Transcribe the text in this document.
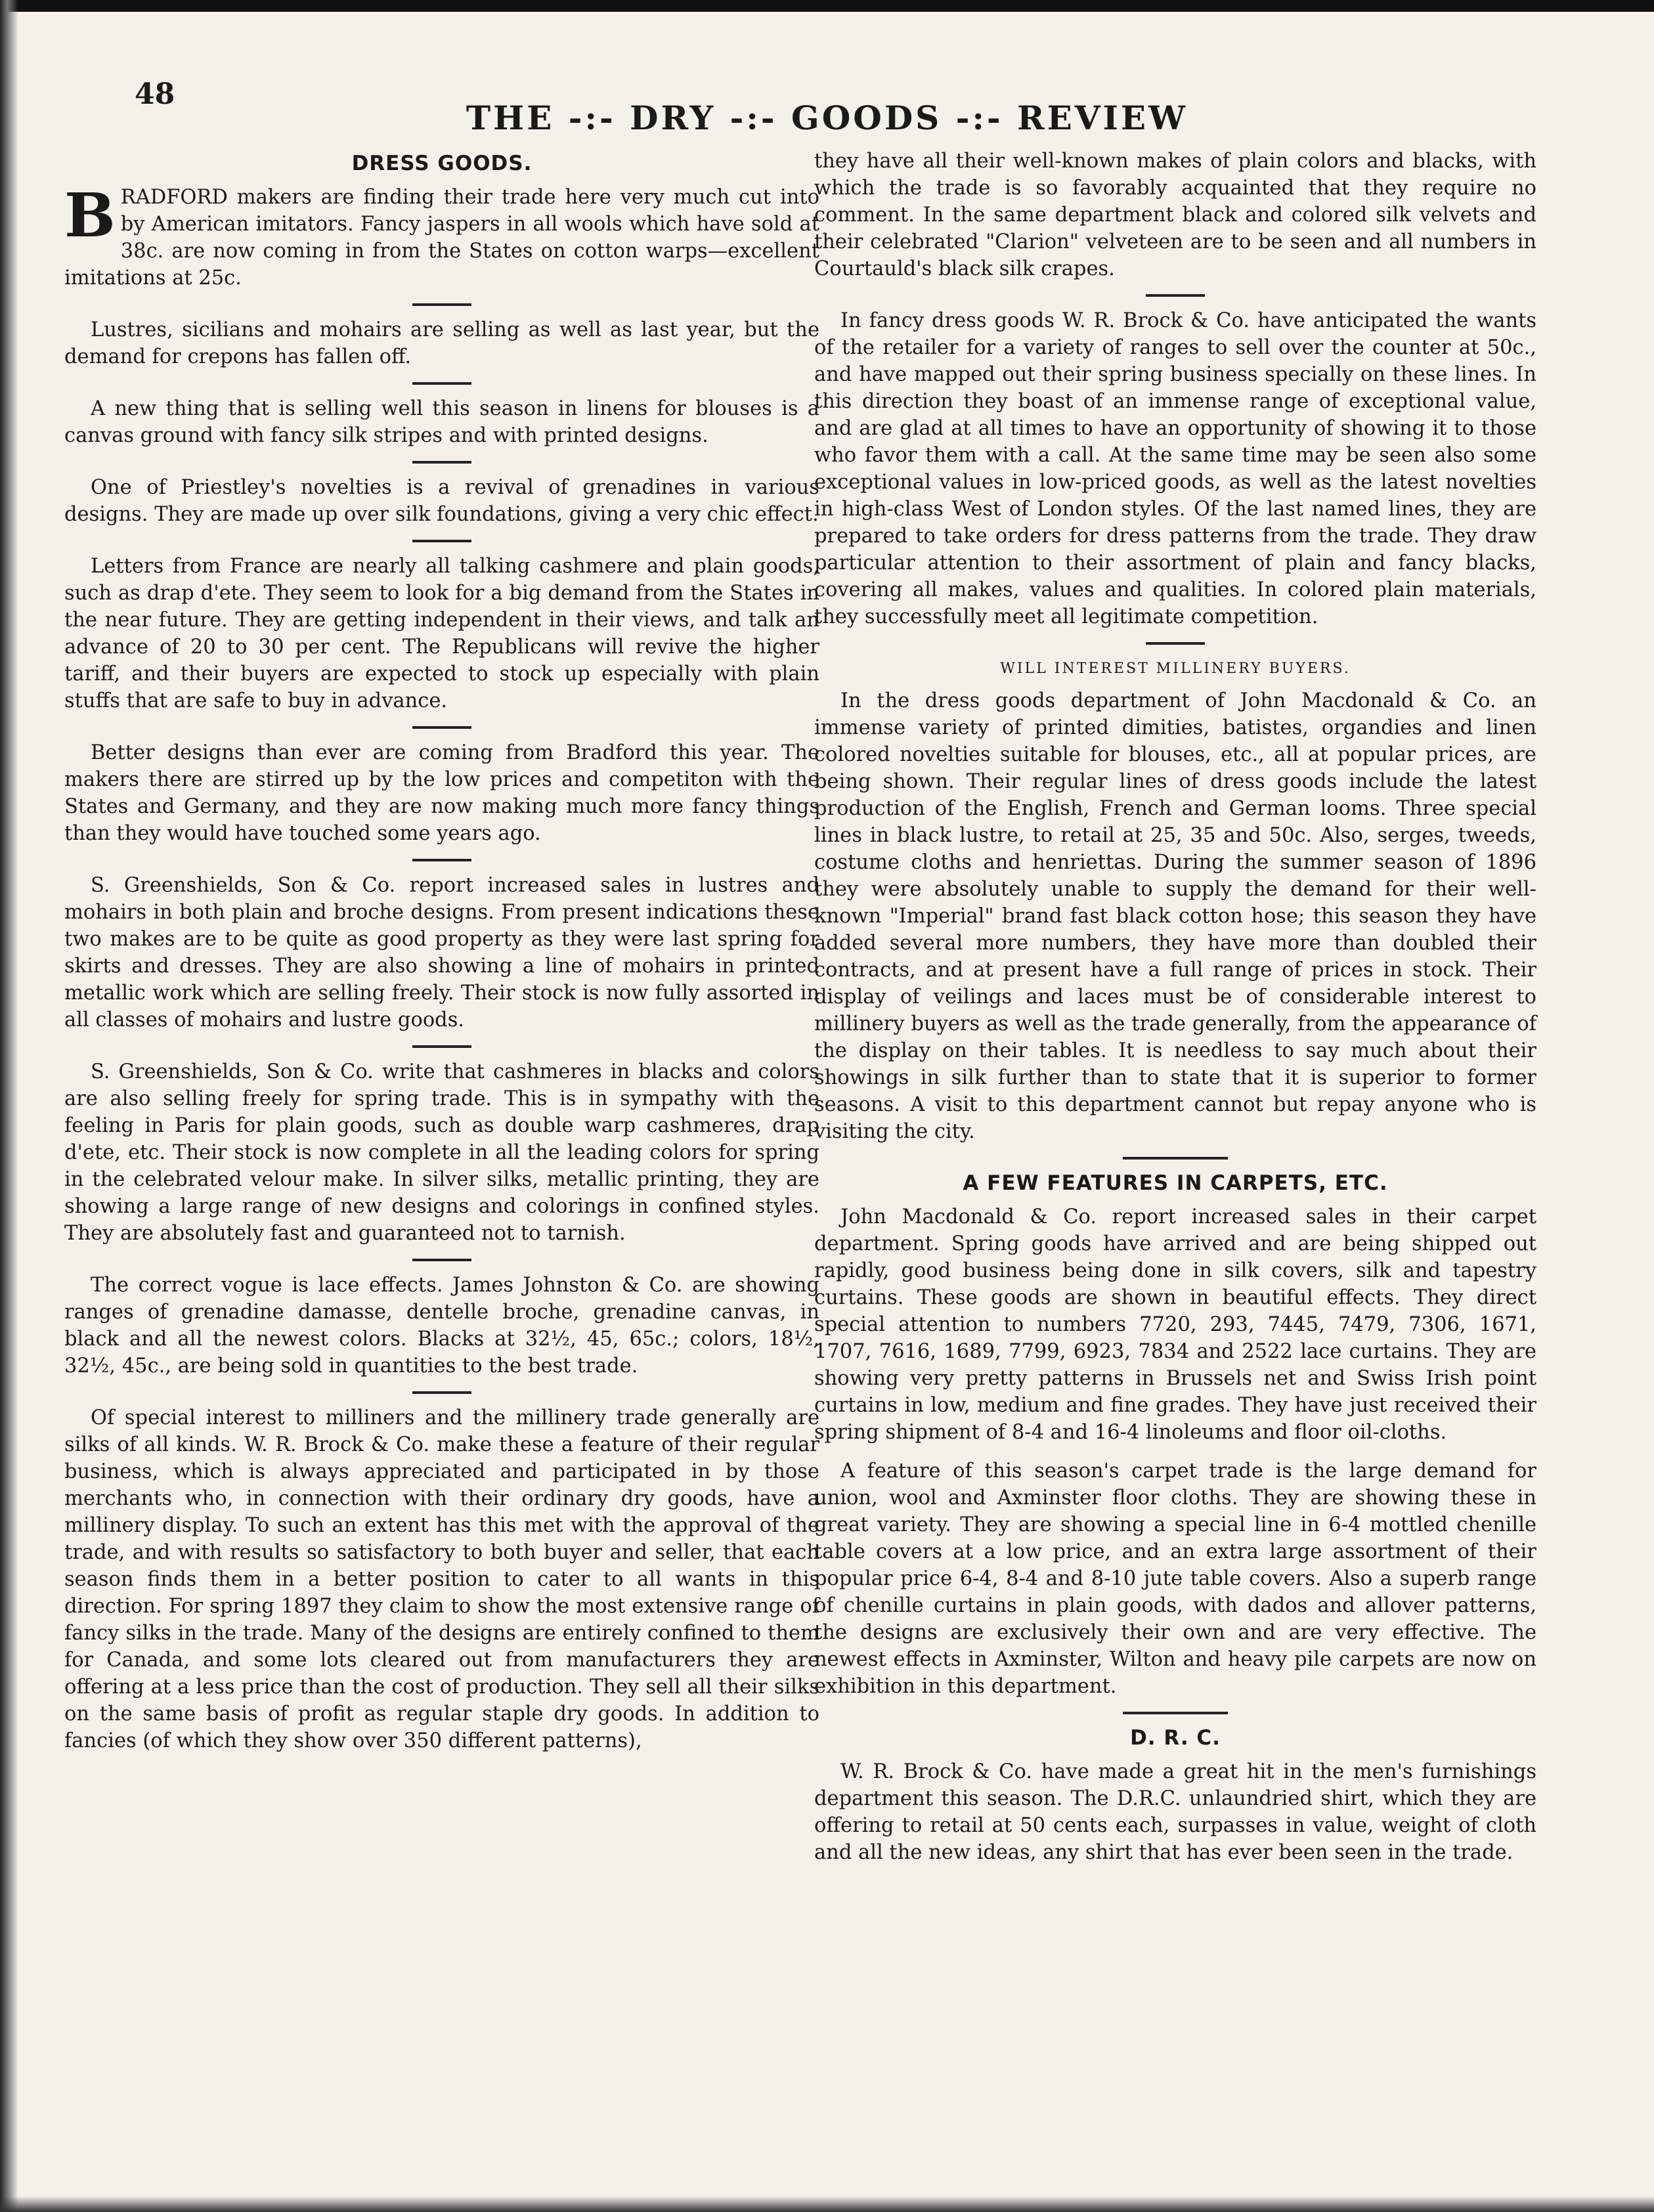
48
THE -:- DRY -:- GOODS -:- REVIEW
DRESS GOODS.

BRADFORD makers are finding their trade here very much cut into by American imitators. Fancy jaspers in all wools which have sold at 38c. are now coming in from the States on cotton warps—excellent imitations at 25c.

Lustres, sicilians and mohairs are selling as well as last year, but the demand for crepons has fallen off.

A new thing that is selling well this season in linens for blouses is a canvas ground with fancy silk stripes and with printed designs.

One of Priestley's novelties is a revival of grenadines in various designs. They are made up over silk foundations, giving a very chic effect.

Letters from France are nearly all talking cashmere and plain goods, such as drap d'ete. They seem to look for a big demand from the States in the near future. They are getting independent in their views, and talk an advance of 20 to 30 per cent. The Republicans will revive the higher tariff, and their buyers are expected to stock up especially with plain stuffs that are safe to buy in advance.

Better designs than ever are coming from Bradford this year. The makers there are stirred up by the low prices and competiton with the States and Germany, and they are now making much more fancy things than they would have touched some years ago.

S. Greenshields, Son & Co. report increased sales in lustres and mohairs in both plain and broche designs. From present indications these two makes are to be quite as good property as they were last spring for skirts and dresses. They are also showing a line of mohairs in printed metallic work which are selling freely. Their stock is now fully assorted in all classes of mohairs and lustre goods.

S. Greenshields, Son & Co. write that cashmeres in blacks and colors are also selling freely for spring trade. This is in sympathy with the feeling in Paris for plain goods, such as double warp cashmeres, drap d'ete, etc. Their stock is now complete in all the leading colors for spring in the celebrated velour make. In silver silks, metallic printing, they are showing a large range of new designs and colorings in confined styles. They are absolutely fast and guaranteed not to tarnish.

The correct vogue is lace effects. James Johnston & Co. are showing ranges of grenadine damasse, dentelle broche, grenadine canvas, in black and all the newest colors. Blacks at 32½, 45, 65c.; colors, 18½, 32½, 45c., are being sold in quantities to the best trade.

Of special interest to milliners and the millinery trade generally are silks of all kinds. W. R. Brock & Co. make these a feature of their regular business, which is always appreciated and participated in by those merchants who, in connection with their ordinary dry goods, have a millinery display. To such an extent has this met with the approval of the trade, and with results so satisfactory to both buyer and seller, that each season finds them in a better position to cater to all wants in this direction. For spring 1897 they claim to show the most extensive range of fancy silks in the trade. Many of the designs are entirely confined to them for Canada, and some lots cleared out from manufacturers they are offering at a less price than the cost of production. They sell all their silks on the same basis of profit as regular staple dry goods. In addition to fancies (of which they show over 350 different patterns),

they have all their well-known makes of plain colors and blacks, with which the trade is so favorably acquainted that they require no comment. In the same department black and colored silk velvets and their celebrated "Clarion" velveteen are to be seen and all numbers in Courtauld's black silk crapes.

In fancy dress goods W. R. Brock & Co. have anticipated the wants of the retailer for a variety of ranges to sell over the counter at 50c., and have mapped out their spring business specially on these lines. In this direction they boast of an immense range of exceptional value, and are glad at all times to have an opportunity of showing it to those who favor them with a call. At the same time may be seen also some exceptional values in low-priced goods, as well as the latest novelties in high-class West of London styles. Of the last named lines, they are prepared to take orders for dress patterns from the trade. They draw particular attention to their assortment of plain and fancy blacks, covering all makes, values and qualities. In colored plain materials, they successfully meet all legitimate competition.

WILL INTEREST MILLINERY BUYERS.

In the dress goods department of John Macdonald & Co. an immense variety of printed dimities, batistes, organdies and linen colored novelties suitable for blouses, etc., all at popular prices, are being shown. Their regular lines of dress goods include the latest production of the English, French and German looms. Three special lines in black lustre, to retail at 25, 35 and 50c. Also, serges, tweeds, costume cloths and henriettas. During the summer season of 1896 they were absolutely unable to supply the demand for their well-known "Imperial" brand fast black cotton hose; this season they have added several more numbers, they have more than doubled their contracts, and at present have a full range of prices in stock. Their display of veilings and laces must be of considerable interest to millinery buyers as well as the trade generally, from the appearance of the display on their tables. It is needless to say much about their showings in silk further than to state that it is superior to former seasons. A visit to this department cannot but repay anyone who is visiting the city.

A FEW FEATURES IN CARPETS, ETC.

John Macdonald & Co. report increased sales in their carpet department. Spring goods have arrived and are being shipped out rapidly, good business being done in silk covers, silk and tapestry curtains. These goods are shown in beautiful effects. They direct special attention to numbers 7720, 293, 7445, 7479, 7306, 1671, 1707, 7616, 1689, 7799, 6923, 7834 and 2522 lace curtains. They are showing very pretty patterns in Brussels net and Swiss Irish point curtains in low, medium and fine grades. They have just received their spring shipment of 8-4 and 16-4 linoleums and floor oil-cloths.

A feature of this season's carpet trade is the large demand for union, wool and Axminster floor cloths. They are showing these in great variety. They are showing a special line in 6-4 mottled chenille table covers at a low price, and an extra large assortment of their popular price 6-4, 8-4 and 8-10 jute table covers. Also a superb range of chenille curtains in plain goods, with dados and allover patterns, the designs are exclusively their own and are very effective. The newest effects in Axminster, Wilton and heavy pile carpets are now on exhibition in this department.

D. R. C.

W. R. Brock & Co. have made a great hit in the men's furnishings department this season. The D.R.C. unlaundried shirt, which they are offering to retail at 50 cents each, surpasses in value, weight of cloth and all the new ideas, any shirt that has ever been seen in the trade.
